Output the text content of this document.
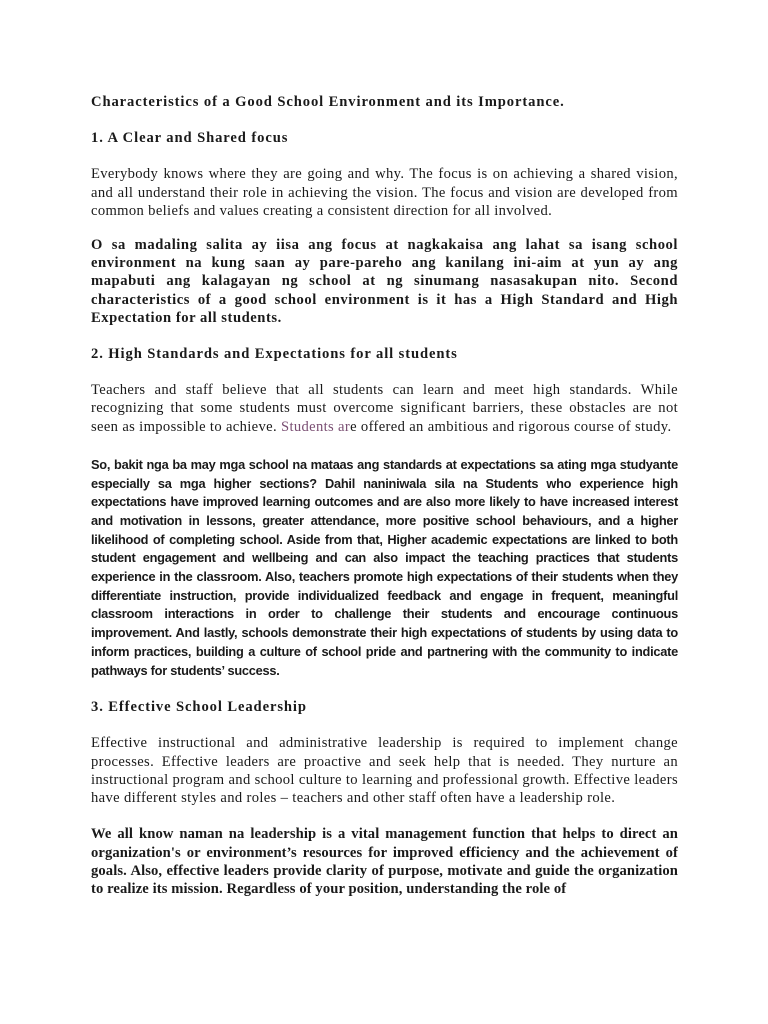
Characteristics of a Good School Environment and its Importance.

1. A Clear and Shared focus

Everybody knows where they are going and why. The focus is on achieving a shared vision, and all understand their role in achieving the vision. The focus and vision are developed from common beliefs and values creating a consistent direction for all involved.

O sa madaling salita ay iisa ang focus at nagkakaisa ang lahat sa isang school environment na kung saan ay pare-pareho ang kanilang ini-aim at yun ay ang mapabuti ang kalagayan ng school at ng sinumang nasasakupan nito. Second characteristics of a good school environment is it has a High Standard and High Expectation for all students.

2. High Standards and Expectations for all students

Teachers and staff believe that all students can learn and meet high standards. While recognizing that some students must overcome significant barriers, these obstacles are not seen as impossible to achieve. Students are offered an ambitious and rigorous course of study.

So, bakit nga ba may mga school na mataas ang standards at expectations sa ating mga studyante especially sa mga higher sections? Dahil naniniwala sila na Students who experience high expectations have improved learning outcomes and are also more likely to have increased interest and motivation in lessons, greater attendance, more positive school behaviours, and a higher likelihood of completing school. Aside from that, Higher academic expectations are linked to both student engagement and wellbeing and can also impact the teaching practices that students experience in the classroom. Also, teachers promote high expectations of their students when they differentiate instruction, provide individualized feedback and engage in frequent, meaningful classroom interactions in order to challenge their students and encourage continuous improvement. And lastly, schools demonstrate their high expectations of students by using data to inform practices, building a culture of school pride and partnering with the community to indicate pathways for students’ success.

3. Effective School Leadership

Effective instructional and administrative leadership is required to implement change processes. Effective leaders are proactive and seek help that is needed. They nurture an instructional program and school culture to learning and professional growth. Effective leaders have different styles and roles – teachers and other staff often have a leadership role.

We all know naman na leadership is a vital management function that helps to direct an organization's or environment’s resources for improved efficiency and the achievement of goals. Also, effective leaders provide clarity of purpose, motivate and guide the organization to realize its mission. Regardless of your position, understanding the role of
